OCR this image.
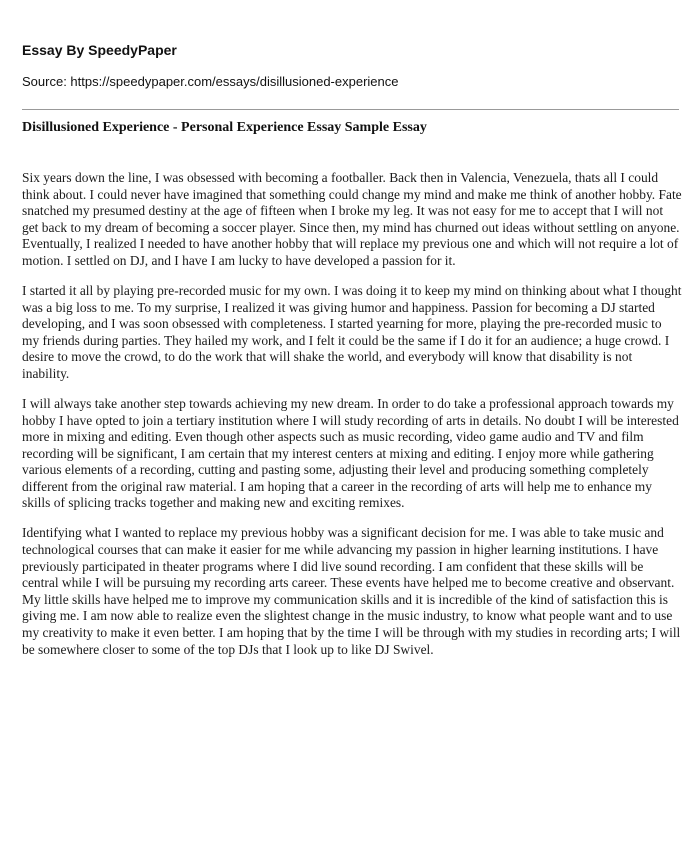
Essay By SpeedyPaper
Source: https://speedypaper.com/essays/disillusioned-experience
Disillusioned Experience - Personal Experience Essay Sample Essay

Six years down the line, I was obsessed with becoming a footballer. Back then in Valencia, Venezuela, thats all I could think about. I could never have imagined that something could change my mind and make me think of another hobby. Fate snatched my presumed destiny at the age of fifteen when I broke my leg. It was not easy for me to accept that I will not get back to my dream of becoming a soccer player. Since then, my mind has churned out ideas without settling on anyone. Eventually, I realized I needed to have another hobby that will replace my previous one and which will not require a lot of motion. I settled on DJ, and I have I am lucky to have developed a passion for it.

I started it all by playing pre-recorded music for my own. I was doing it to keep my mind on thinking about what I thought was a big loss to me. To my surprise, I realized it was giving humor and happiness. Passion for becoming a DJ started developing, and I was soon obsessed with completeness. I started yearning for more, playing the pre-recorded music to my friends during parties. They hailed my work, and I felt it could be the same if I do it for an audience; a huge crowd. I desire to move the crowd, to do the work that will shake the world, and everybody will know that disability is not inability.

I will always take another step towards achieving my new dream. In order to do take a professional approach towards my hobby I have opted to join a tertiary institution where I will study recording of arts in details. No doubt I will be interested more in mixing and editing. Even though other aspects such as music recording, video game audio and TV and film recording will be significant, I am certain that my interest centers at mixing and editing. I enjoy more while gathering various elements of a recording, cutting and pasting some, adjusting their level and producing something completely different from the original raw material. I am hoping that a career in the recording of arts will help me to enhance my skills of splicing tracks together and making new and exciting remixes.

Identifying what I wanted to replace my previous hobby was a significant decision for me. I was able to take music and technological courses that can make it easier for me while advancing my passion in higher learning institutions. I have previously participated in theater programs where I did live sound recording. I am confident that these skills will be central while I will be pursuing my recording arts career. These events have helped me to become creative and observant. My little skills have helped me to improve my communication skills and it is incredible of the kind of satisfaction this is giving me. I am now able to realize even the slightest change in the music industry, to know what people want and to use my creativity to make it even better. I am hoping that by the time I will be through with my studies in recording arts; I will be somewhere closer to some of the top DJs that I look up to like DJ Swivel.
